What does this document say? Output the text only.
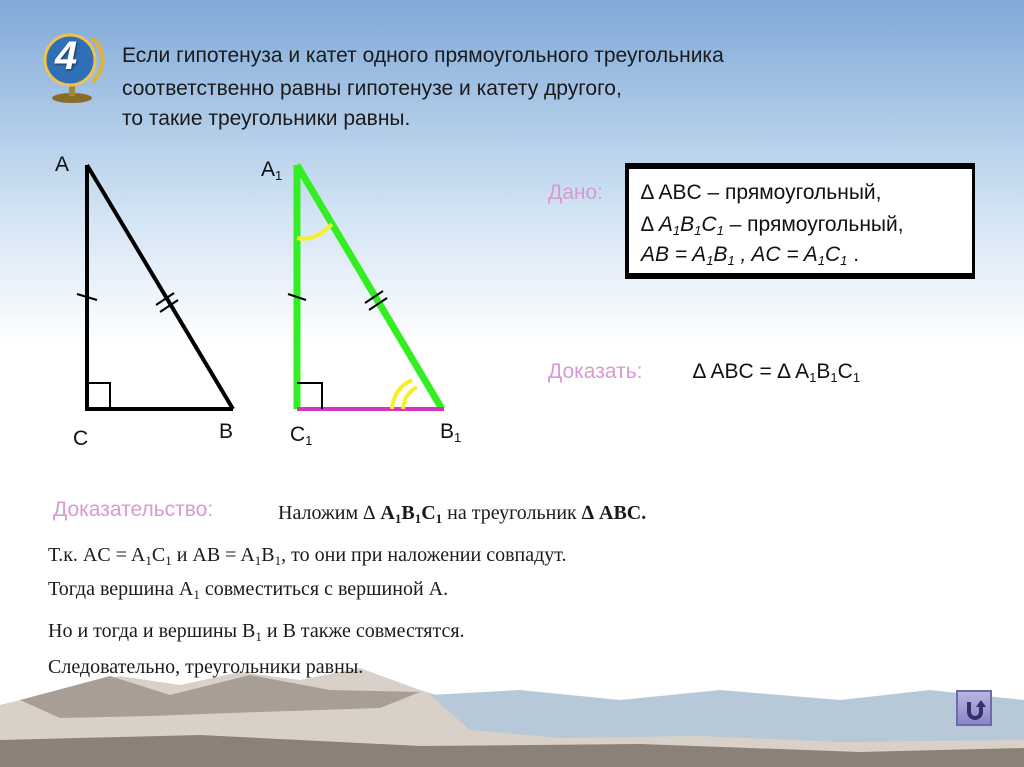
4 Если гипотенуза и катет одного прямоугольного треугольника
соответственно равны гипотенузе и катету другого,
то такие треугольники равны.
A
C	B
$A_1$
$C_1$	$B_1$
Дано: ∆ ABC – прямоугольный,
∆ $A_1B_1C_1$ – прямоугольный,
AB = $A_1B_1$ , AC = $A_1C_1$ .
Доказать: ∆ ABC = ∆ $A_1B_1C_1$
Доказательство:	Наложим ∆ $A_1B_1C_1$ на треугольник ∆ ABC.
Т.к. AC = $A_1C_1$ и AB = $A_1B_1$, то они при наложении совпадут.
Тогда вершина $A_1$ совместиться с вершиной A.
Но и тогда и вершины $B_1$ и B также совместятся.
Следовательно, треугольники равны.
